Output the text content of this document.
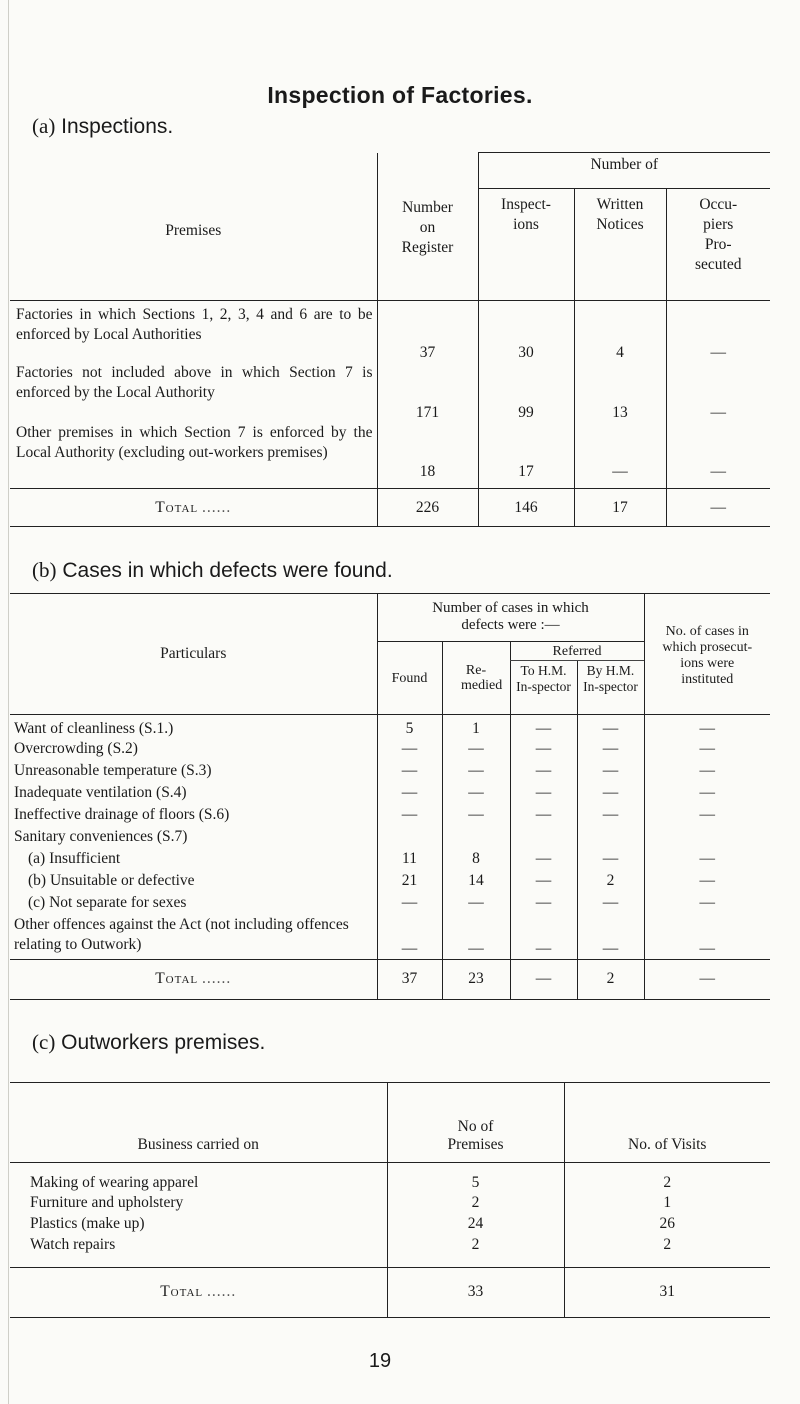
Inspection of Factories.
(a) Inspections.
Premises	Number on Register	Number of		

		Inspect-ions	Written Notices	Occu-piers Pro-secuted

Factories in which Sections 1, 2, 3, 4 and 6 are to be enforced by Local Authorities	37	30	4	—
Factories not included above in which Section 7 is enforced by the Local Authority	171	99	13	—
Other premises in which Section 7 is enforced by the Local Authority (excluding out-workers premises)	18	17	—	—
Total ......	226	146	17	—
(b) Cases in which defects were found.
Particulars	Number of cases in which defects were :—				No. of cases in which prosecut-ions were instituted

	Found	Re-medied	Referred		

			To H.M. In-spector	By H.M. In-spector	

Want of cleanliness (S.1.)	5	1	—	—	—
Overcrowding (S.2)	—	—	—	—	—
Unreasonable temperature (S.3)	—	—	—	—	—
Inadequate ventilation (S.4)	—	—	—	—	—
Ineffective drainage of floors (S.6)	—	—	—	—	—
Sanitary conveniences (S.7)					
(a) Insufficient	11	8	—	—	—
(b) Unsuitable or defective	21	14	—	2	—
(c) Not separate for sexes	—	—	—	—	—
Other offences against the Act (not including offences relating to Outwork)	—	—	—	—	—
Total ......	37	23	—	2	—
(c) Outworkers premises.
Business carried on	No of Premises	No. of Visits

Making of wearing apparel	5	2
Furniture and upholstery	2	1
Plastics (make up)	24	26
Watch repairs	2	2
Total ......	33	31
19
